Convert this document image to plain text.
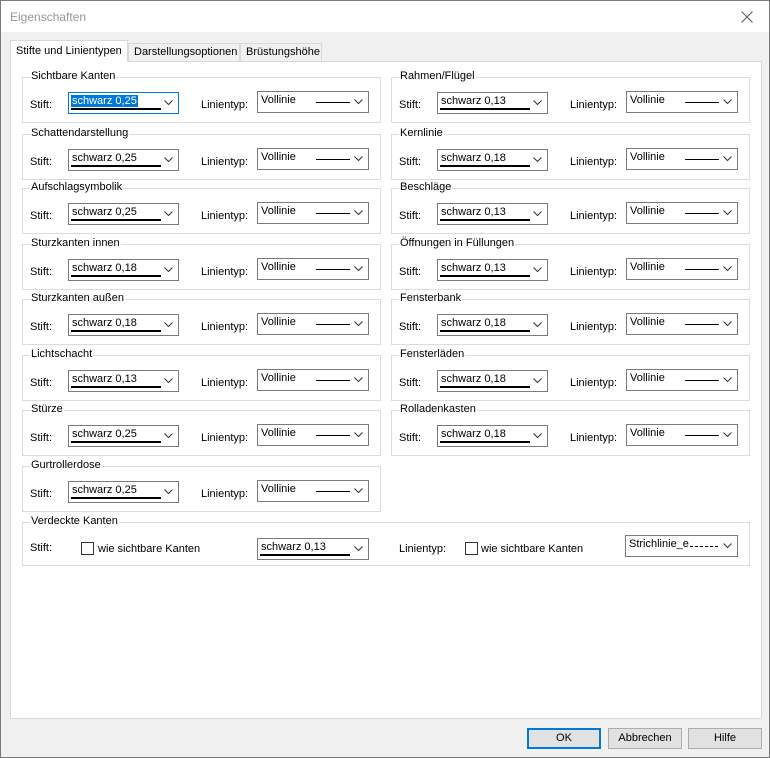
Eigenschaften
Stifte und Linientypen	Darstellungsoptionen Brüstungshöhe
Sichtbare Kanten
Stift: schwarz 0,25	Linientyp: Vollinie
Rahmen/Flügel
Stift: schwarz 0,13	Linientyp: Vollinie
Schattendarstellung
Stift: schwarz 0,25	Linientyp: Vollinie
Kernlinie
Stift: schwarz 0,18	Linientyp: Vollinie
Aufschlagsymbolik
Stift: schwarz 0,25	Linientyp: Vollinie
Beschläge
Stift: schwarz 0,13	Linientyp: Vollinie
Sturzkanten innen
Stift: schwarz 0,18	Linientyp: Vollinie
Öffnungen in Füllungen
Stift: schwarz 0,13	Linientyp: Vollinie
Sturzkanten außen
Stift: schwarz 0,18	Linientyp: Vollinie
Fensterbank
Stift: schwarz 0,18	Linientyp: Vollinie
Lichtschacht
Stift: schwarz 0,13	Linientyp: Vollinie
Fensterläden
Stift: schwarz 0,18	Linientyp: Vollinie
Stürze
Stift: schwarz 0,25	Linientyp: Vollinie
Rolladenkasten
Stift: schwarz 0,18	Linientyp: Vollinie
Gurtrollerdose
Stift: schwarz 0,25	Linientyp: Vollinie
Verdeckte Kanten
Stift:	wie sichtbare Kanten	schwarz 0,13	Linientyp:	wie sichtbare Kanten	Strichlinie_e
OK	Abbrechen	Hilfe
